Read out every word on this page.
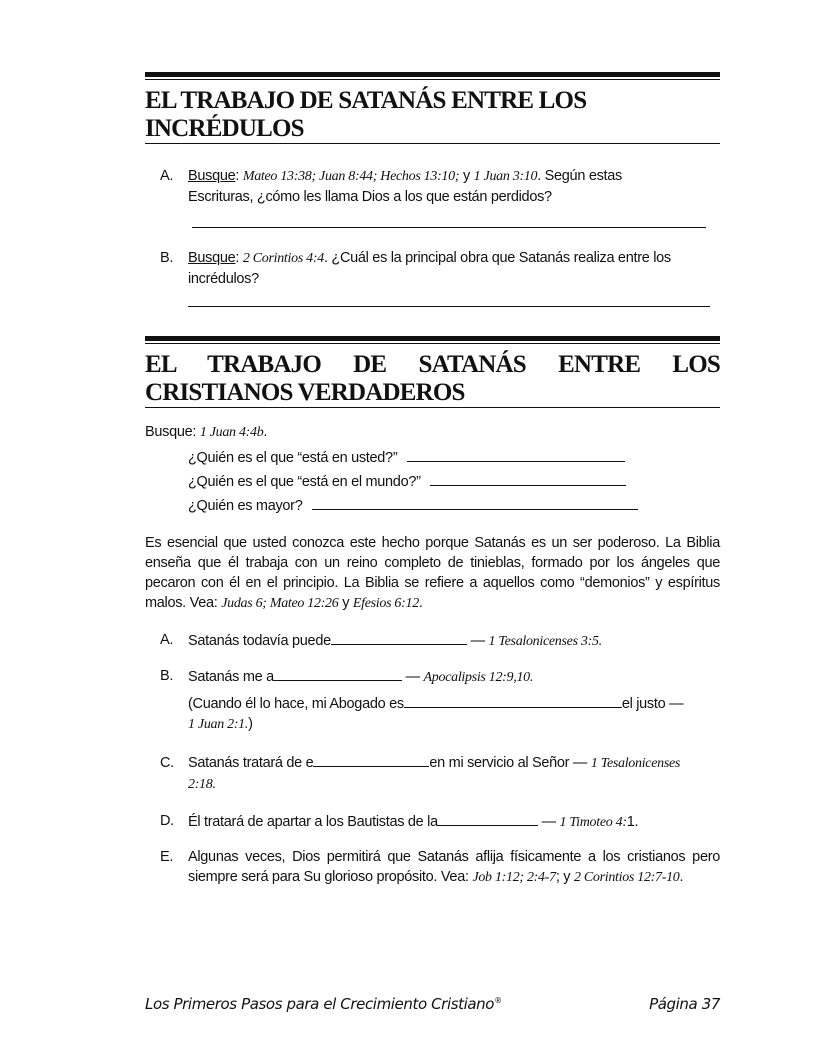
EL TRABAJO DE SATANÁS ENTRE LOS
INCRÉDULOS
A. Busque: Mateo 13:38; Juan 8:44; Hechos 13:10; y 1 Juan 3:10. Según estas
Escrituras, ¿cómo les llama Dios a los que están perdidos?
B. Busque: 2 Corintios 4:4. ¿Cuál es la principal obra que Satanás realiza entre los
incrédulos?
EL TRABAJO DE SATANÁS ENTRE LOS
CRISTIANOS VERDADEROS
Busque: 1 Juan 4:4b.
¿Quién es el que “está en usted?”
¿Quién es el que “está en el mundo?”
¿Quién es mayor?
Es esencial que usted conozca este hecho porque Satanás es un ser poderoso. La Biblia enseña que él trabaja con un reino completo de tinieblas, formado por los ángeles que pecaron con él en el principio. La Biblia se refiere a aquellos como “demonios” y espíritus malos. Vea: Judas 6; Mateo 12:26 y Efesios 6:12.
A. Satanás todavía puede	— 1 Tesalonicenses 3:5.
B. Satanás me a	— Apocalipsis 12:9,10.
(Cuando él lo hace, mi Abogado es	el justo —
1 Juan 2:1.)
C. Satanás tratará de e	en mi servicio al Señor — 1 Tesalonicenses
2:18.
D. Él tratará de apartar a los Bautistas de la	— 1 Timoteo 4:1.
E. Algunas veces, Dios permitirá que Satanás aflija físicamente a los cristianos pero siempre será para Su glorioso propósito. Vea: Job 1:12; 2:4-7; y 2 Corintios 12:7-10.
Los Primeros Pasos para el Crecimiento Cristiano®	Página 37
